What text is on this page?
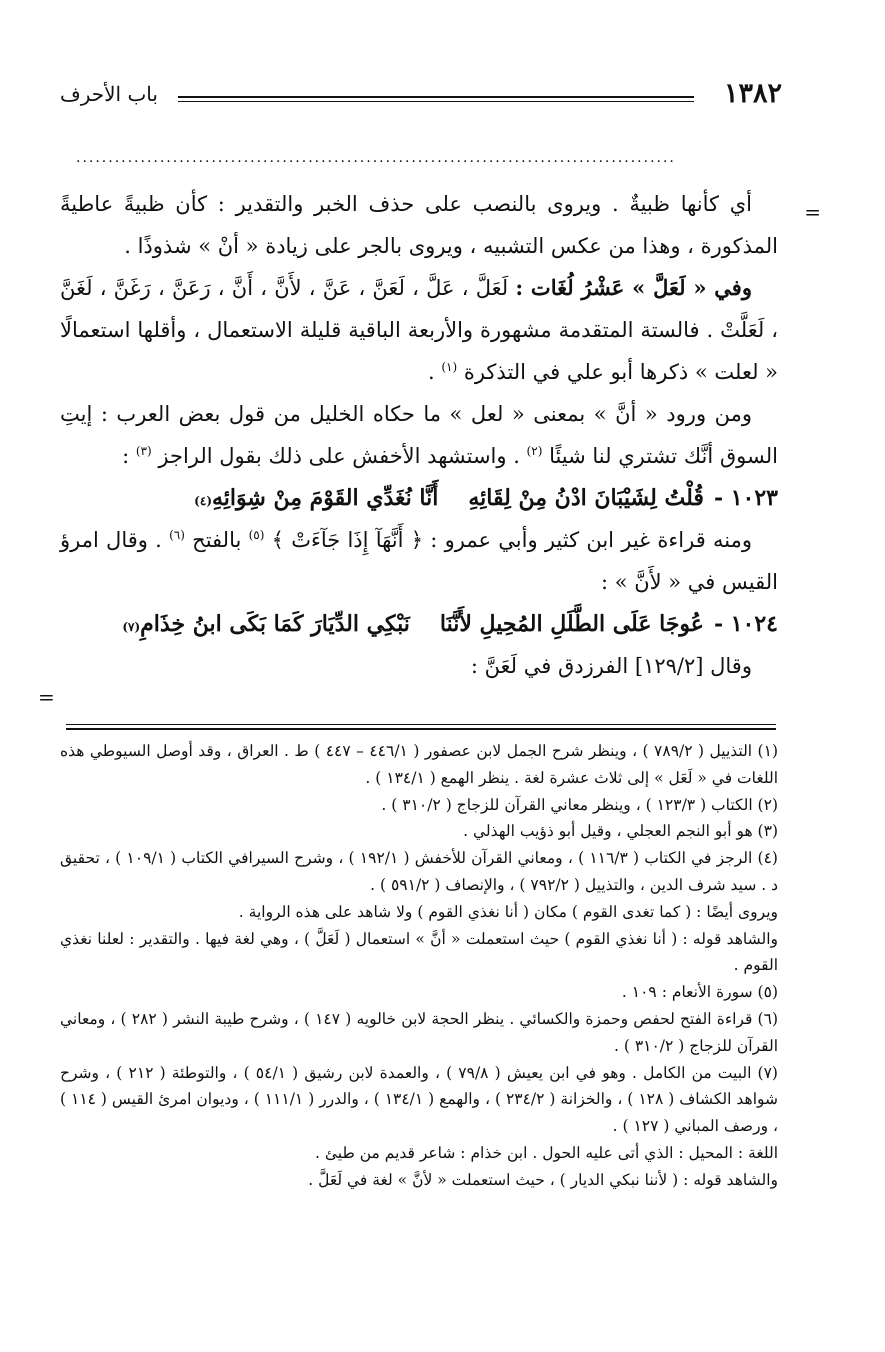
١٣٨٢
باب الأحرف
.............................................................................................
=
=

أي كأنها ظبيةٌ . ويروى بالنصب على حذف الخبر والتقدير : كأن ظبيةً عاطيةً المذكورة ، وهذا من عكس التشبيه ، ويروى بالجر على زيادة « أنْ » شذوذًا .

وفي « لَعَلَّ » عَشْرُ لُغَات : لَعَلَّ ، عَلَّ ، لَعَنَّ ، عَنَّ ، لأَنَّ ، أَنَّ ، رَعَنَّ ، رَغَنَّ ، لَغَنَّ ، لَعَلَّتْ . فالستة المتقدمة مشهورة والأربعة الباقية قليلة الاستعمال ، وأقلها استعمالًا « لعلت » ذكرها أبو علي في التذكرة $^{(١)}$ .

ومن ورود « أنَّ » بمعنى « لعل » ما حكاه الخليل من قول بعض العرب : إيتِ السوق أنَّك تشتري لنا شيئًا $^{(٢)}$ . واستشهد الأخفش على ذلك بقول الراجز $^{(٣)}$ :

١٠٢٣ -
قُلْتُ لِشَيْبَانَ ادْنُ مِنْ لِقَائِهِ
أَنَّا نُغَدِّي القَوْمَ مِنْ شِوَائِهِ
(٤)

ومنه قراءة غير ابن كثير وأبي عمرو : ﴿ أَنَّهَآ إِذَا جَآءَتْ ﴾ $^{(٥)}$ بالفتح $^{(٦)}$ . وقال امرؤ القيس في « لأَنَّ » :

١٠٢٤ -
عُوجَا عَلَى الطَّلَلِ المُحِيلِ لأَنَّنَا
نَبْكِي الدِّيَارَ كَمَا بَكَى ابنُ خِذَامِ
(٧)

وقال [١٢٩/٢] الفرزدق في لَعَنَّ :

(١) التذييل ( ٧٨٩/٢ ) ، وينظر شرح الجمل لابن عصفور ( ٤٤٦/١ – ٤٤٧ ) ط . العراق ، وقد أوصل السيوطي هذه اللغات في « لَعَل » إلى ثلاث عشرة لغة . ينظر الهمع ( ١٣٤/١ ) .

(٢) الكتاب ( ١٢٣/٣ ) ، وينظر معاني القرآن للزجاج ( ٣١٠/٢ ) .

(٣) هو أبو النجم العجلي ، وقيل أبو ذؤيب الهذلي .

(٤) الرجز في الكتاب ( ١١٦/٣ ) ، ومعاني القرآن للأخفش ( ١٩٢/١ ) ، وشرح السيرافي الكتاب ( ١٠٩/١ ) ، تحقيق د . سيد شرف الدين ، والتذييل ( ٧٩٢/٢ ) ، والإنصاف ( ٥٩١/٢ ) .

ويروى أيضًا : ( كما تغدى القوم ) مكان ( أنا نغذي القوم ) ولا شاهد على هذه الرواية .

والشاهد قوله : ( أنا نغذي القوم ) حيث استعملت « أنَّ » استعمال ( لَعَلَّ ) ، وهي لغة فيها . والتقدير : لعلنا نغذي القوم .

(٥) سورة الأنعام : ١٠٩ .

(٦) قراءة الفتح لحفص وحمزة والكسائي . ينظر الحجة لابن خالويه ( ١٤٧ ) ، وشرح طيبة النشر ( ٢٨٢ ) ، ومعاني القرآن للزجاج ( ٣١٠/٢ ) .

(٧) البيت من الكامل . وهو في ابن يعيش ( ٧٩/٨ ) ، والعمدة لابن رشيق ( ٥٤/١ ) ، والتوطئة ( ٢١٢ ) ، وشرح شواهد الكشاف ( ١٢٨ ) ، والخزانة ( ٢٣٤/٢ ) ، والهمع ( ١٣٤/١ ) ، والدرر ( ١١١/١ ) ، وديوان امرئ القيس ( ١١٤ ) ، ورصف المباني ( ١٢٧ ) .

اللغة : المحيل : الذي أتى عليه الحول . ابن خذام : شاعر قديم من طيئ .

والشاهد قوله : ( لأننا نبكي الديار ) ، حيث استعملت « لأنَّ » لغة في لَعَلَّ .
